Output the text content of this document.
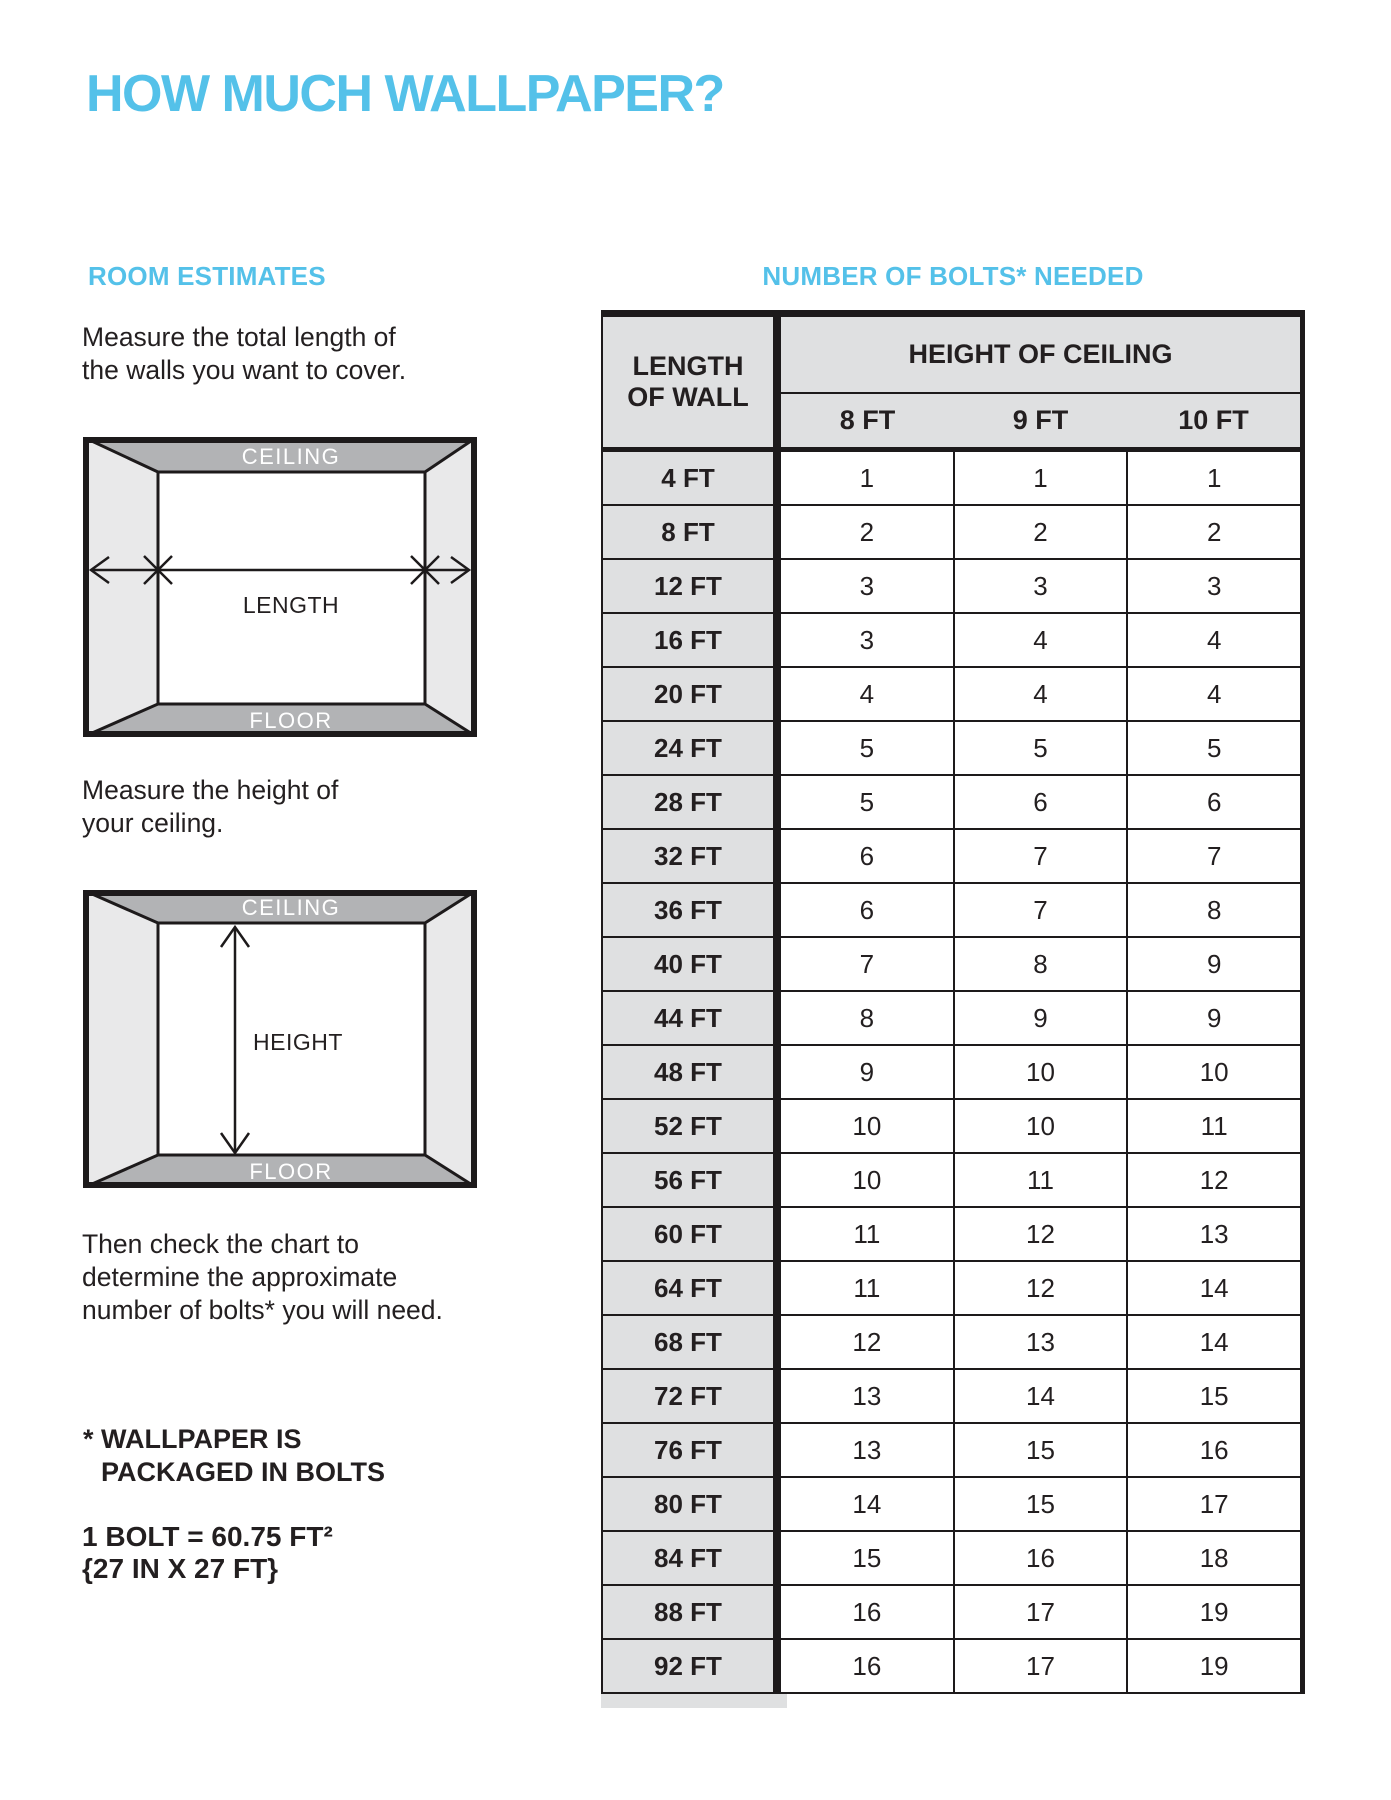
HOW MUCH WALLPAPER?
ROOM ESTIMATES
Measure the total length of
the walls you want to cover.
CEILING
FLOOR
LENGTH
Measure the height of
your ceiling.
CEILING
FLOOR
HEIGHT
Then check the chart to
determine the approximate
number of bolts* you will need.
* WALLPAPER IS
PACKAGED IN BOLTS
1 BOLT = 60.75 FT²
{27 IN X 27 FT}
NUMBER OF BOLTS* NEEDED
LENGTH
OF WALL
HEIGHT OF CEILING
8 FT	9 FT	10 FT
4 FT	1	1	1
8 FT	2	2	2
12 FT	3	3	3
16 FT	3	4	4
20 FT	4	4	4
24 FT	5	5	5
28 FT	5	6	6
32 FT	6	7	7
36 FT	6	7	8
40 FT	7	8	9
44 FT	8	9	9
48 FT	9	10	10
52 FT	10	10	11
56 FT	10	11	12
60 FT	11	12	13
64 FT	11	12	14
68 FT	12	13	14
72 FT	13	14	15
76 FT	13	15	16
80 FT	14	15	17
84 FT	15	16	18
88 FT	16	17	19
92 FT	16	17	19
